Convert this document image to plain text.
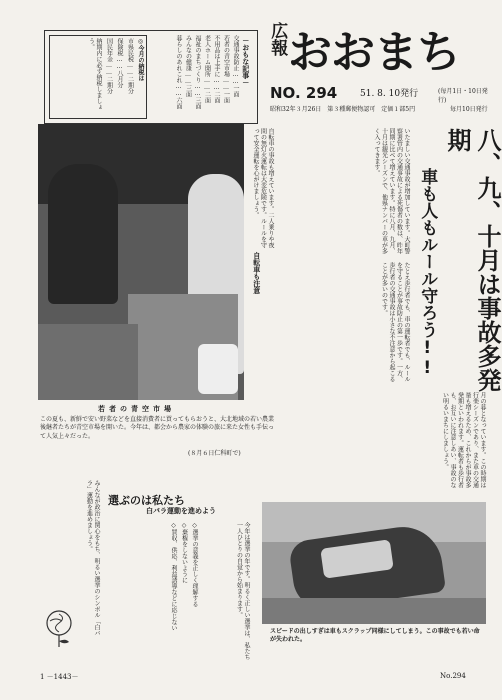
広報 おおまち
NO. 294	51. 8. 10発行	(毎月1日・10日発行)
昭和32年３月26日　第３種郵便物認可　定価１部5円	毎月10日発行
－おもな記事－
交通事故防止……一面
若者の青空市場……一面
不用品は上手に……二面
老人ホーム開所……二面
福祉のまちづくり……三面
みんなの健康……三面
暮らしのあれこれ……六面
◎今月の納税は
市県民税……二期分
保険税……八月分
国民年金……二期分
納期内に必ず納税しましょう。
八、九、十月は事故多発期
車も人もルール守ろう!!
いたましい交通事故が増加しています。大町警察署管内の交通事故による死傷者の数は、昨年同期に比べて増えています。特に八月、九月、十月は観光シーズンで、他県ナンバーの車が多く入ってきます。
たとえ歩行者でも、車の運転者でも、ルールを守ることが事故防止の第一歩です。一方、歩行者の交通事故は小さな不注意から起こることが多いのです。
自転車の事故も増えています。二人乗りや夜間の無灯火運転は大変危険です。ルールを守って安全運転を心がけましょう。
自転車も注意
若者の青空市場
この夏も、新鮮で安い野菜などを直接消費者に買ってもらおうと、大北地域の若い農業後継者たちが青空市場を開いた。今年は、都会から農家の体験の旅に来た女性も手伝って人気上々だった。
(８月６日仁科町で)	月の暮となっています。この時期は行楽シーズンであり、また車の交通量も増えるため、これからが事故多発期といわれます。運転者も歩行者も、お互いに注意しあい、事故のない明るいまちにしましょう。
選ぶのは私たち
白バラ運動を進めよう
今年は選挙の年です。明るく正しい選挙は、私たち一人ひとりの自覚から始まります。
◇選挙の意義を正しく理解する
◇棄権をしないように
◇買収、供応、利益誘導などに応じない
みんなが政治に関心をもち、明るい選挙のシンボル「白バラ」運動を進めましょう。
スピードの出しすぎは車もスクラップ同様にしてしまう。この事故でも若い命が失われた。
1 －1443－	No.294
